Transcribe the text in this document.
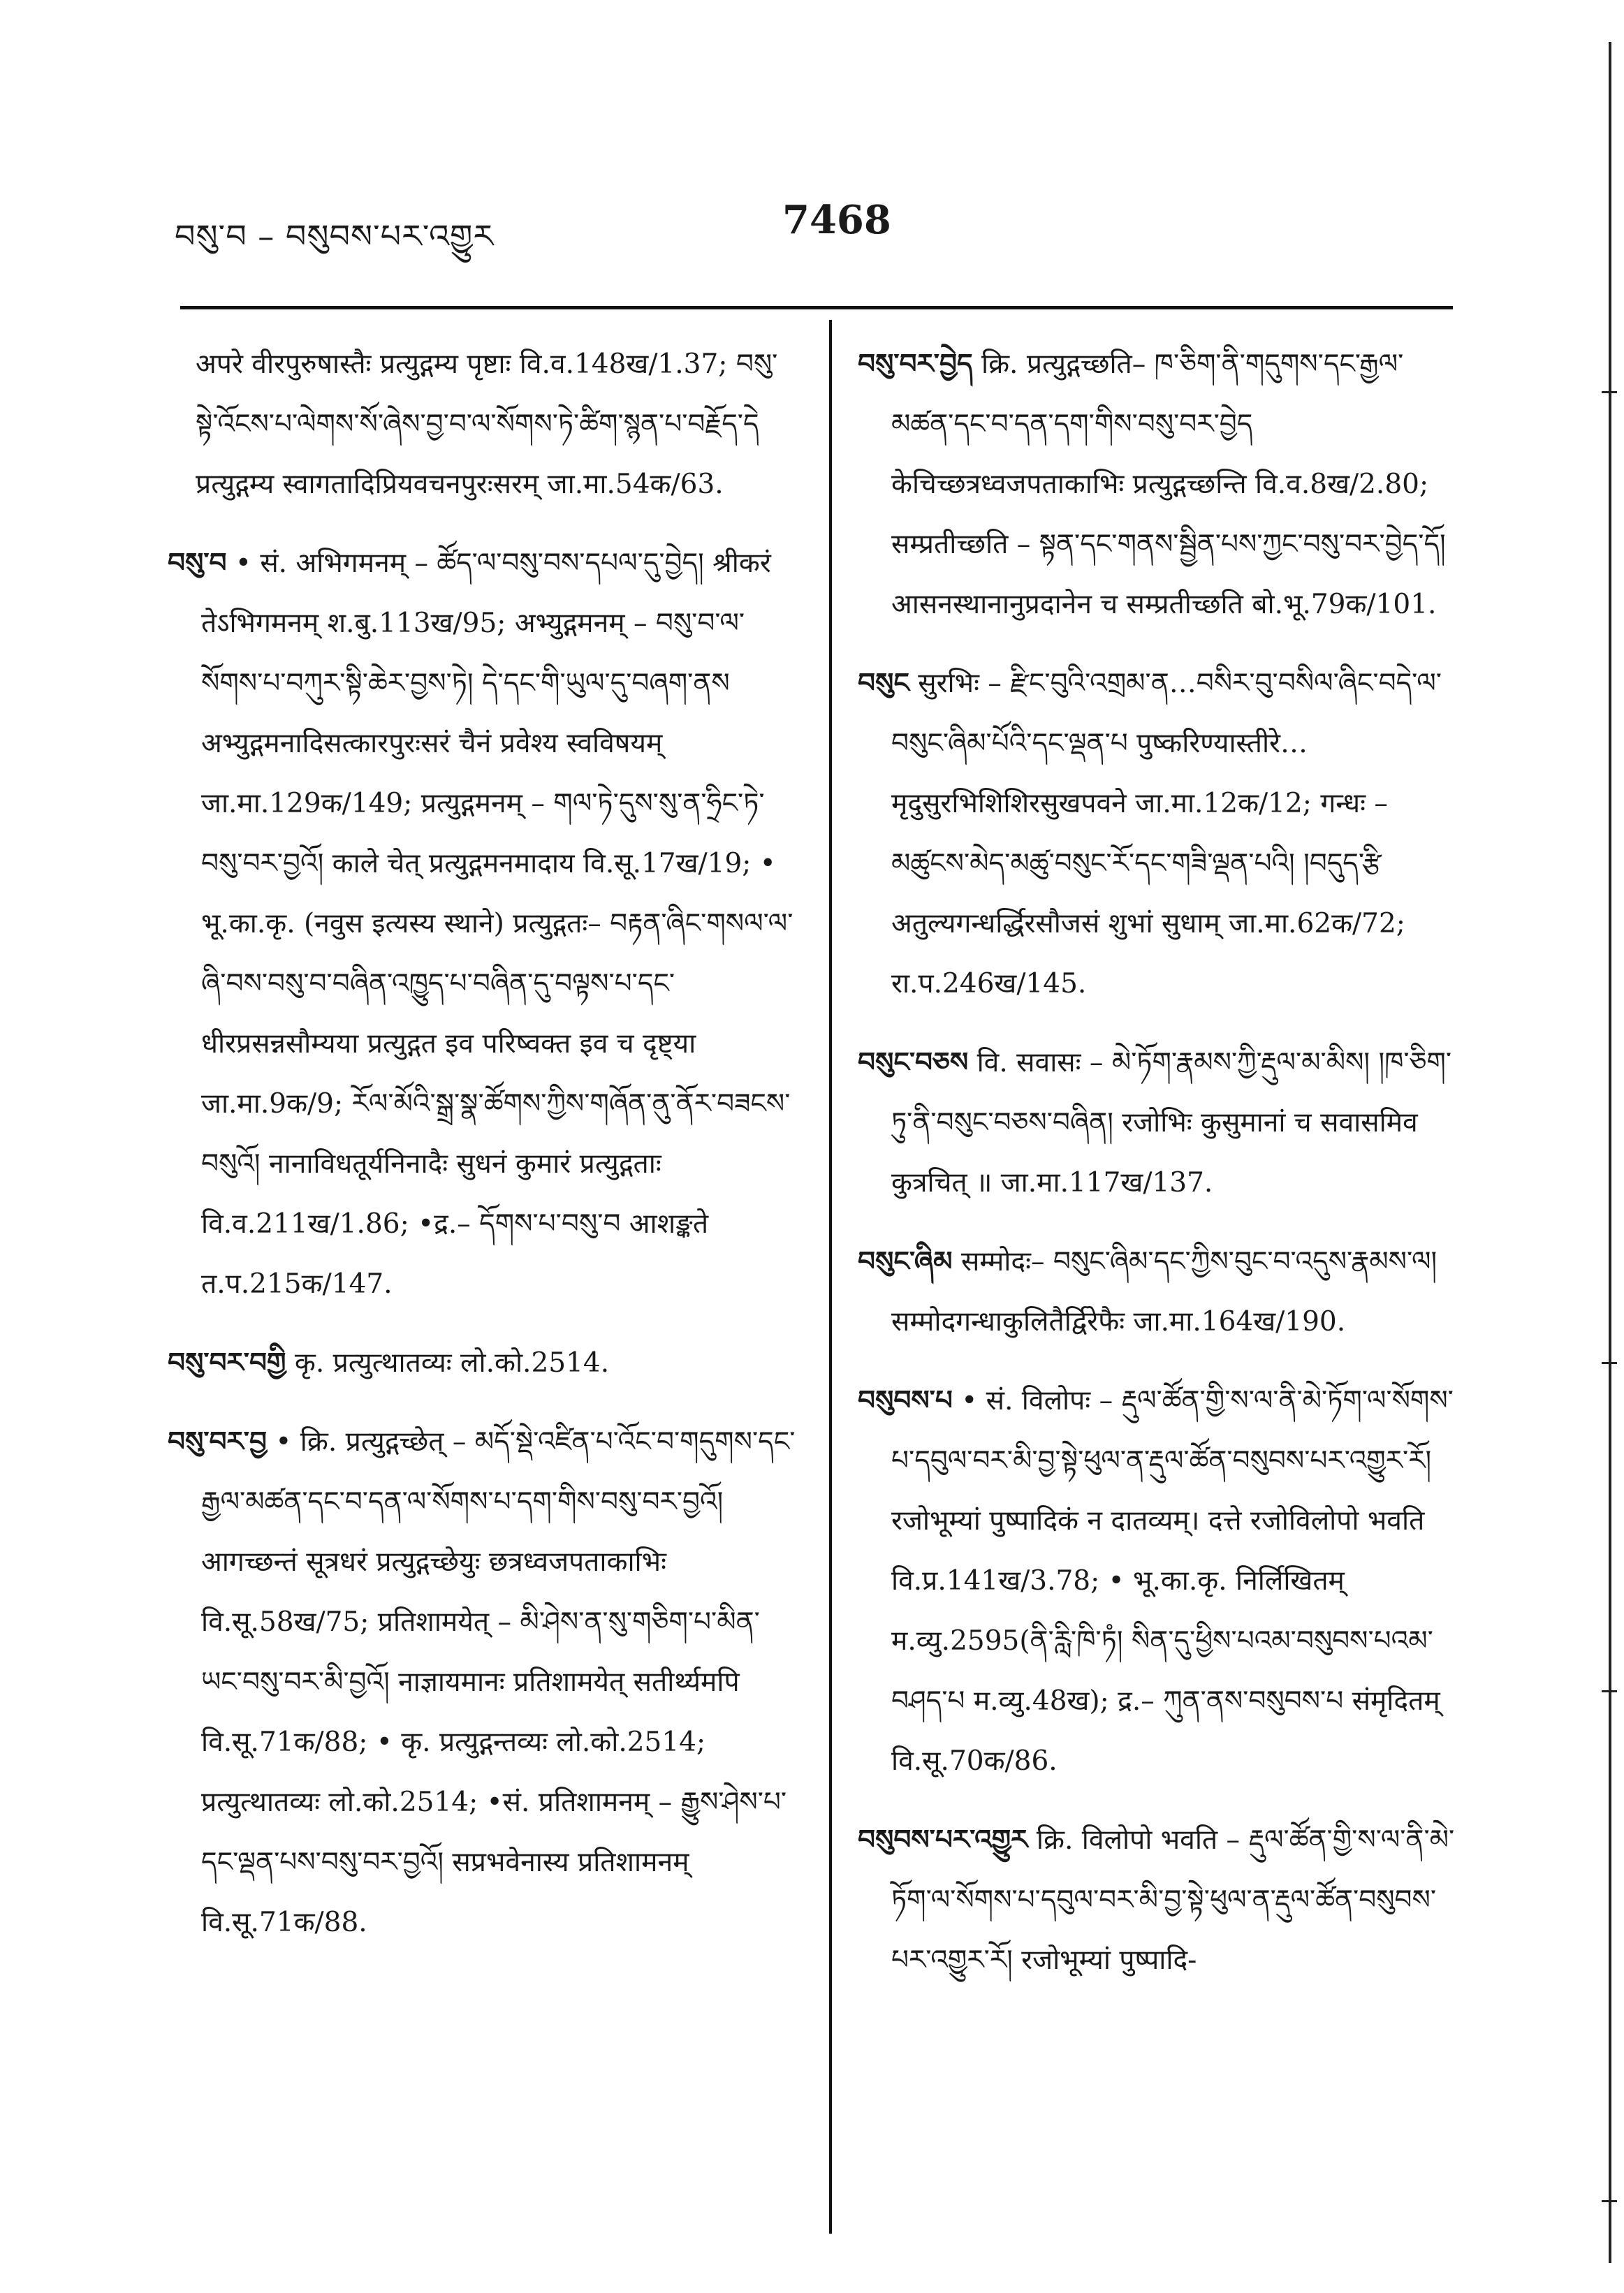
བསུ་བ – བསུབས་པར་འགྱུར	7468

अपरे वीरपुरुषास्तैः प्रत्युद्गम्य पृष्टाः वि.व.148ख/1.37; བསུ་སྟེ་འོངས་པ་ལེགས་སོ་ཞེས་བྱ་བ་ལ་སོགས་ཏེ་ཚིག་སྙན་པ་བརྗོད་དེ प्रत्युद्गम्य स्वागतादिप्रियवचनपुरःसरम् जा.मा.54क/63.

བསུ་བ • सं. अभिगमनम् – ཚོད་ལ་བསུ་བས་དཔལ་དུ་བྱེད། श्रीकरं तेऽभिगमनम् श.बु.113ख/95; अभ्युद्गमनम् – བསུ་བ་ལ་སོགས་པ་བཀུར་སྟི་ཆེར་བྱས་ཏེ། དེ་དང་གི་ཡུལ་དུ་བཞག་ནས अभ्युद्गमनादिसत्कारपुरःसरं चैनं प्रवेश्य स्वविषयम् जा.मा.129क/149; प्रत्युद्गमनम् – གལ་ཏེ་དུས་སུ་ན་ཧྲིང་ཏེ་བསུ་བར་བྱའོ། काले चेत् प्रत्युद्गमनमादाय वि.सू.17ख/19; • भू.का.कृ. (नवुस इत्यस्य स्थाने) प्रत्युद्गतः– བརྟན་ཞིང་གསལ་ལ་ཞི་བས་བསུ་བ་བཞིན་འཁྱུད་པ་བཞིན་དུ་བལྟས་པ་དང་ धीरप्रसन्नसौम्यया प्रत्युद्गत इव परिष्वक्त इव च दृष्ट्या जा.मा.9क/9; རོལ་མོའི་སྒྲ་སྣ་ཚོགས་ཀྱིས་གཞོན་ནུ་ནོར་བཟངས་བསུའོ། नानाविधतूर्यनिनादैः सुधनं कुमारं प्रत्युद्गताः वि.व.211ख/1.86; •द्र.– དོགས་པ་བསུ་བ आशङ्कते त.प.215क/147.

བསུ་བར་བགྱི कृ. प्रत्युत्थातव्यः लो.को.2514.

བསུ་བར་བྱ • क्रि. प्रत्युद्गच्छेत् – མདོ་སྡེ་འཛིན་པ་འོང་བ་གདུགས་དང་རྒྱལ་མཚན་དང་བ་དན་ལ་སོགས་པ་དག་གིས་བསུ་བར་བྱའོ། आगच्छन्तं सूत्रधरं प्रत्युद्गच्छेयुः छत्रध्वजपताकाभिः वि.सू.58ख/75; प्रतिशामयेत् – མི་ཤེས་ན་སུ་གཅིག་པ་མིན་ཡང་བསུ་བར་མི་བྱའོ། नाज्ञायमानः प्रतिशामयेत् सतीर्थ्यमपि वि.सू.71क/88; • कृ. प्रत्युद्गन्तव्यः लो.को.2514; प्रत्युत्थातव्यः लो.को.2514; •सं. प्रतिशामनम् – རྒྱུས་ཤེས་པ་དང་ལྡན་པས་བསུ་བར་བྱའོ། सप्रभवेनास्य प्रतिशामनम् वि.सू.71क/88.

བསུ་བར་བྱེད क्रि. प्रत्युद्गच्छति– ཁ་ཅིག་ནི་གདུགས་དང་རྒྱལ་མཚན་དང་བ་དན་དག་གིས་བསུ་བར་བྱེད केचिच्छत्रध्वजपताकाभिः प्रत्युद्गच्छन्ति वि.व.8ख/2.80; सम्प्रतीच्छति – སྟན་དང་གནས་སྦྱིན་པས་ཀྱང་བསུ་བར་བྱེད་དོ། आसनस्थानानुप्रदानेन च सम्प्रतीच्छति बो.भू.79क/101.

བསུང सुरभिः – རྫིང་བུའི་འགྲམ་ན…བསིར་བུ་བསིལ་ཞིང་བདེ་ལ་བསུང་ཞིམ་པོའི་དང་ལྡན་པ पुष्करिण्यास्तीरे… मृदुसुरभिशिशिरसुखपवने जा.मा.12क/12; गन्धः – མཚུངས་མེད་མཚུ་བསུང་རོ་དང་གཟི་ལྡན་པའི། །བདུད་རྩི अतुल्यगन्धर्द्धिरसौजसं शुभां सुधाम् जा.मा.62क/72; रा.प.246ख/145.

བསུང་བཅས वि. सवासः – མེ་ཏོག་རྣམས་ཀྱི་རྡུལ་མ་མིས། །ཁ་ཅིག་ཏུ་ནི་བསུང་བཅས་བཞིན། रजोभिः कुसुमानां च सवासमिव कुत्रचित् ॥ जा.मा.117ख/137.

བསུང་ཞིམ सम्मोदः– བསུང་ཞིམ་དང་ཀྱིས་བུང་བ་འདུས་རྣམས་ལ། सम्मोदगन्धाकुलितैर्द्विरेफैः जा.मा.164ख/190.

བསུབས་པ • सं. विलोपः – རྡུལ་ཚོན་གྱི་ས་ལ་ནི་མེ་ཏོག་ལ་སོགས་པ་དབུལ་བར་མི་བྱ་སྟེ་ཕུལ་ན་རྡུལ་ཚོན་བསུབས་པར་འགྱུར་རོ། रजोभूम्यां पुष्पादिकं न दातव्यम्। दत्ते रजोविलोपो भवति वि.प्र.141ख/3.78; • भू.का.कृ. निर्लिखितम् म.व्यु.2595(ནི་རླི་ཁི་ཏཾ། སིན་དུ་ཕྱིས་པའམ་བསུབས་པའམ་བཤད་པ म.व्यु.48ख); द्र.– ཀུན་ནས་བསུབས་པ संमृदितम् वि.सू.70क/86.

བསུབས་པར་འགྱུར क्रि. विलोपो भवति – རྡུལ་ཚོན་གྱི་ས་ལ་ནི་མེ་ཏོག་ལ་སོགས་པ་དབུལ་བར་མི་བྱ་སྟེ་ཕུལ་ན་རྡུལ་ཚོན་བསུབས་པར་འགྱུར་རོ། रजोभूम्यां पुष्पादि-
